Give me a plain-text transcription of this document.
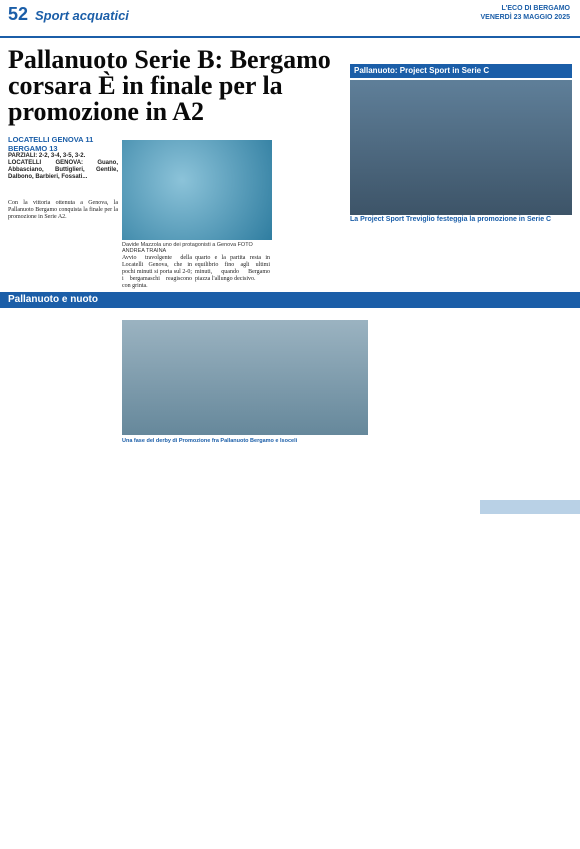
52 Sport acquatici	L'ECO DI BERGAMO
VENERDÌ 23 MAGGIO 2025
Pallanuoto Serie B: Bergamo corsara È in finale per la promozione in A2
Pallanuoto: Project Sport in Serie C
La Project Sport Treviglio festeggia la promozione in Serie C
LOCATELLI GENOVA 11
BERGAMO 13
PARZIALI: 2-2, 3-4, 3-5, 3-2.
LOCATELLI GENOVA: Guano, Abbasciano, Buttiglieri, Gentile, Dalbono, Barbieri, Fossati...
Davide Mazzola uno dei protagonisti a Genova FOTO ANDREA TRAINA
Con la vittoria ottenuta a Genova, la Pallanuoto Bergamo conquista la finale per la promozione in Serie A2.
Avvio travolgente della Locatelli Genova, che in pochi minuti si porta sul 2-0; i bergamaschi reagiscono con grinta.
quarto e la partita resta in equilibrio fino agli ultimi minuti, quando Bergamo piazza l'allungo decisivo.
Pallanuoto e nuoto
Una fase del derby di Promozione fra Pallanuoto Bergamo e Isoceli
